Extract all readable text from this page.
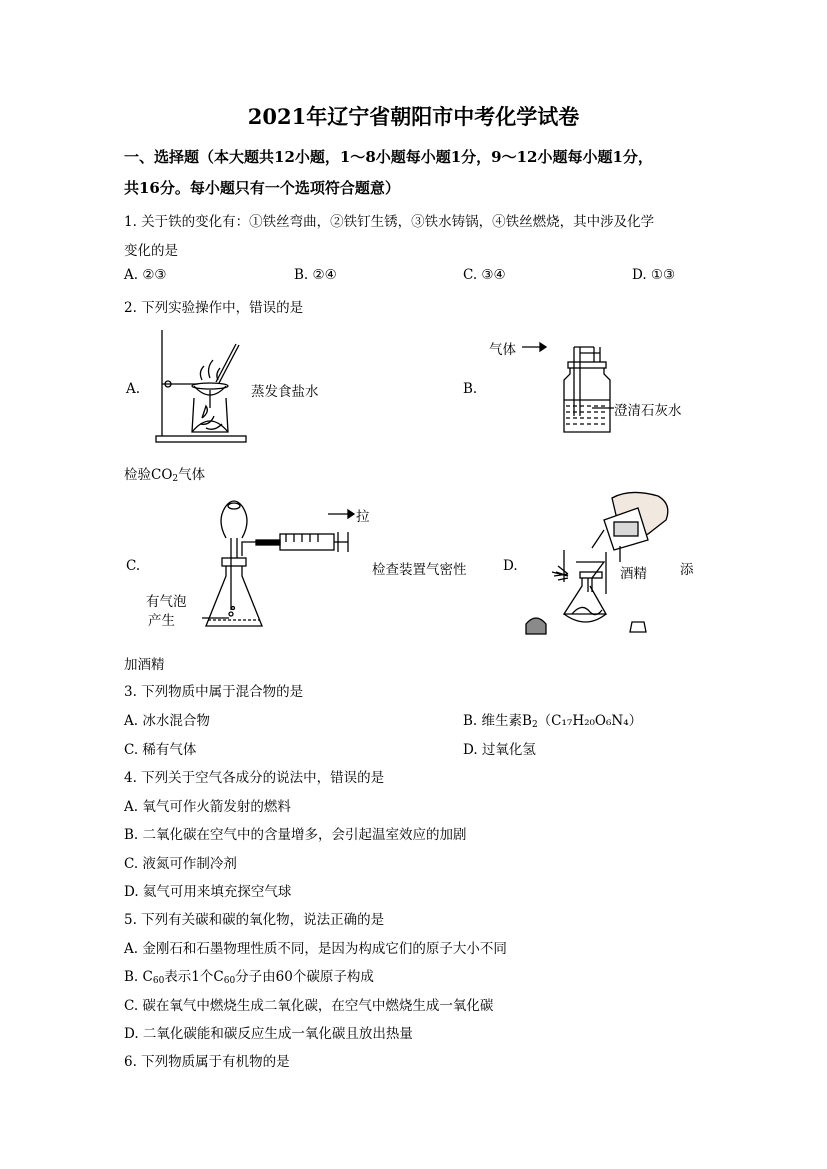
2021年辽宁省朝阳市中考化学试卷
一、选择题（本大题共12小题，1～8小题每小题1分，9～12小题每小题1分，
共16分。每小题只有一个选项符合题意）
1. 关于铁的变化有：①铁丝弯曲，②铁钉生锈，③铁水铸锅，④铁丝燃烧，其中涉及化学
变化的是
A. ②③	B. ②④	C. ③④	D. ①③
2. 下列实验操作中，错误的是
A.	蒸发食盐水	B.
气体
澄清石灰水
检验$CO_2$气体
C.
拉
有气泡
产生
检查装置气密性	D.	酒精 添
加酒精
3. 下列物质中属于混合物的是
A. 冰水混合物	B. 维生素$B_2(C_{17}H_{20}O_6N_4)$
C. 稀有气体	D. 过氧化氢
4. 下列关于空气各成分的说法中，错误的是
A. 氧气可作火箭发射的燃料
B. 二氧化碳在空气中的含量增多，会引起温室效应的加剧
C. 液氮可作制冷剂
D. 氦气可用来填充探空气球
5. 下列有关碳和碳的氧化物，说法正确的是
A. 金刚石和石墨物理性质不同，是因为构成它们的原子大小不同
B. $C_{60}$表示1个$C_{60}$分子由60个碳原子构成
C. 碳在氧气中燃烧生成二氧化碳，在空气中燃烧生成一氧化碳
D. 二氧化碳能和碳反应生成一氧化碳且放出热量
6. 下列物质属于有机物的是
